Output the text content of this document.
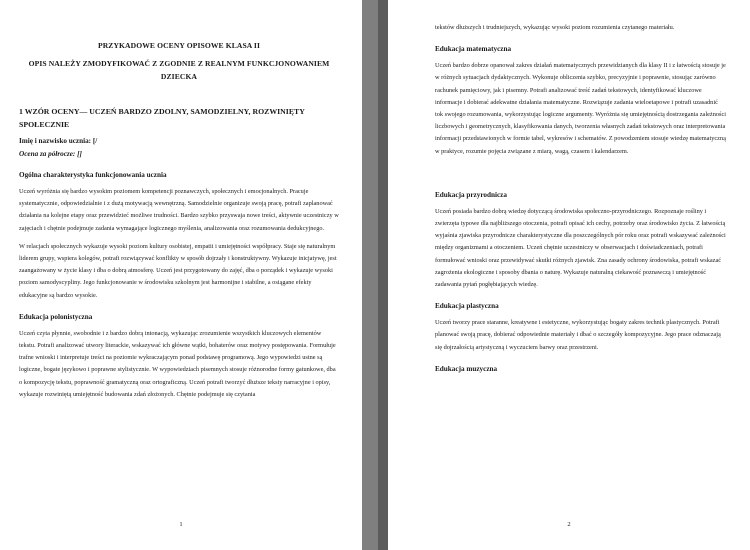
PRZYKADOWE OCENY OPISOWE KLASA II
OPIS NALEŻY ZMODYFIKOWAĆ Z ZGODNIE Z REALNYM FUNKCJONOWANIEM DZIECKA
1 WZÓR OCENY— UCZEŃ BARDZO ZDOLNY, SAMODZIELNY, ROZWINIĘTY SPOŁECZNIE
Imię i nazwisko ucznia: [/
Ocena za półrocze: []
Ogólna charakterystyka funkcjonowania ucznia

Uczeń wyróżnia się bardzo wysokim poziomem kompetencji poznawczych, społecznych i emocjonalnych. Pracuje systematycznie, odpowiedzialnie i z dużą motywacją wewnętrzną. Samodzielnie organizuje swoją pracę, potrafi zaplanować działania na kolejne etapy oraz przewidzieć możliwe trudności. Bardzo szybko przyswaja nowe treści, aktywnie uczestniczy w zajęciach i chętnie podejmuje zadania wymagające logicznego myślenia, analizowania oraz rozumowania dedukcyjnego.

W relacjach społecznych wykazuje wysoki poziom kultury osobistej, empatii i umiejętności współpracy. Staje się naturalnym liderem grupy, wspiera kolegów, potrafi rozwiązywać konflikty w sposób dojrzały i konstruktywny. Wykazuje inicjatywę, jest zaangażowany w życie klasy i dba o dobrą atmosferę. Uczeń jest przygotowany do zajęć, dba o porządek i wykazuje wysoki poziom samodyscypliny. Jego funkcjonowanie w środowisku szkolnym jest harmonijne i stabilne, a osiągane efekty edukacyjne są bardzo wysokie.

Edukacja polonistyczna

Uczeń czyta płynnie, swobodnie i z bardzo dobrą intonacją, wykazując zrozumienie wszystkich kluczowych elementów tekstu. Potrafi analizować utwory literackie, wskazywać ich główne wątki, bohaterów oraz motywy postępowania. Formułuje trafne wnioski i interpretuje treści na poziomie wykraczającym ponad podstawę programową. Jego wypowiedzi ustne są logiczne, bogate językowo i poprawne stylistycznie. W wypowiedziach pisemnych stosuje różnorodne formy gatunkowe, dba o kompozycję tekstu, poprawność gramatyczną oraz ortograficzną. Uczeń potrafi tworzyć dłuższe teksty narracyjne i opisy, wykazuje rozwiniętą umiejętność budowania zdań złożonych. Chętnie podejmuje się czytania

1

tekstów dłuższych i trudniejszych, wykazując wysoki poziom rozumienia czytanego materiału.

Edukacja matematyczna

Uczeń bardzo dobrze opanował zakres działań matematycznych przewidzianych dla klasy II i z łatwością stosuje je w różnych sytuacjach dydaktycznych. Wykonuje obliczenia szybko, precyzyjnie i poprawnie, stosując zarówno rachunek pamięciowy, jak i pisemny. Potrafi analizować treść zadań tekstowych, identyfikować kluczowe informacje i dobierać adekwatne działania matematyczne. Rozwiązuje zadania wieloetapowe i potrafi uzasadnić tok swojego rozumowania, wykorzystując logiczne argumenty. Wyróżnia się umiejętnością dostrzegania zależności liczbowych i geometrycznych, klasyfikowania danych, tworzenia własnych zadań tekstowych oraz interpretowania informacji przedstawionych w formie tabel, wykresów i schematów. Z powodzeniem stosuje wiedzę matematyczną w praktyce, rozumie pojęcia związane z miarą, wagą, czasem i kalendarzem.

Edukacja przyrodnicza

Uczeń posiada bardzo dobrą wiedzę dotyczącą środowiska społeczno-przyrodniczego. Rozpoznaje rośliny i zwierzęta typowe dla najbliższego otoczenia, potrafi opisać ich cechy, potrzeby oraz środowisko życia. Z łatwością wyjaśnia zjawiska przyrodnicze charakterystyczne dla poszczególnych pór roku oraz potrafi wskazywać zależności między organizmami a otoczeniem. Uczeń chętnie uczestniczy w obserwacjach i doświadczeniach, potrafi formułować wnioski oraz przewidywać skutki różnych zjawisk. Zna zasady ochrony środowiska, potrafi wskazać zagrożenia ekologiczne i sposoby dbania o naturę. Wykazuje naturalną ciekawość poznawczą i umiejętność zadawania pytań pogłębiających wiedzę.

Edukacja plastyczna

Uczeń tworzy prace staranne, kreatywne i estetyczne, wykorzystując bogaty zakres technik plastycznych. Potrafi planować swoją pracę, dobierać odpowiednie materiały i dbać o szczegóły kompozycyjne. Jego prace odznaczają się dojrzałością artystyczną i wyczuciem barwy oraz przestrzeni.

Edukacja muzyczna
2
